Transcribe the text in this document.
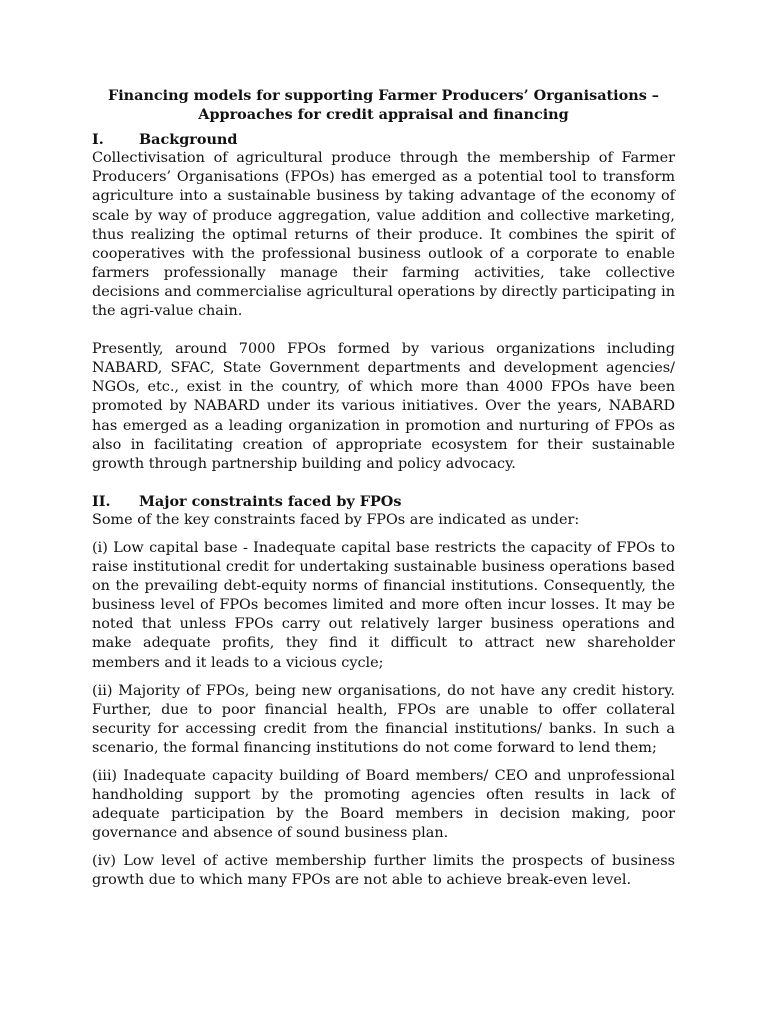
Financing models for supporting Farmer Producers’ Organisations –
Approaches for credit appraisal and financing
I.	Background

Collectivisation of agricultural produce through the membership of Farmer Producers’ Organisations (FPOs) has emerged as a potential tool to transform agriculture into a sustainable business by taking advantage of the economy of scale by way of produce aggregation, value addition and collective marketing, thus realizing the optimal returns of their produce. It combines the spirit of cooperatives with the professional business outlook of a corporate to enable farmers professionally manage their farming activities, take collective decisions and commercialise agricultural operations by directly participating in the agri-value chain.

Presently, around 7000 FPOs formed by various organizations including NABARD, SFAC, State Government departments and development agencies/ NGOs, etc., exist in the country, of which more than 4000 FPOs have been promoted by NABARD under its various initiatives. Over the years, NABARD has emerged as a leading organization in promotion and nurturing of FPOs as also in facilitating creation of appropriate ecosystem for their sustainable growth through partnership building and policy advocacy.

II.	Major constraints faced by FPOs

Some of the key constraints faced by FPOs are indicated as under:

(i) Low capital base - Inadequate capital base restricts the capacity of FPOs to raise institutional credit for undertaking sustainable business operations based on the prevailing debt-equity norms of financial institutions. Consequently, the business level of FPOs becomes limited and more often incur losses. It may be noted that unless FPOs carry out relatively larger business operations and make adequate profits, they find it difficult to attract new shareholder members and it leads to a vicious cycle;

(ii) Majority of FPOs, being new organisations, do not have any credit history. Further, due to poor financial health, FPOs are unable to offer collateral security for accessing credit from the financial institutions/ banks. In such a scenario, the formal financing institutions do not come forward to lend them;

(iii) Inadequate capacity building of Board members/ CEO and unprofessional handholding support by the promoting agencies often results in lack of adequate participation by the Board members in decision making, poor governance and absence of sound business plan.

(iv) Low level of active membership further limits the prospects of business growth due to which many FPOs are not able to achieve break-even level.
